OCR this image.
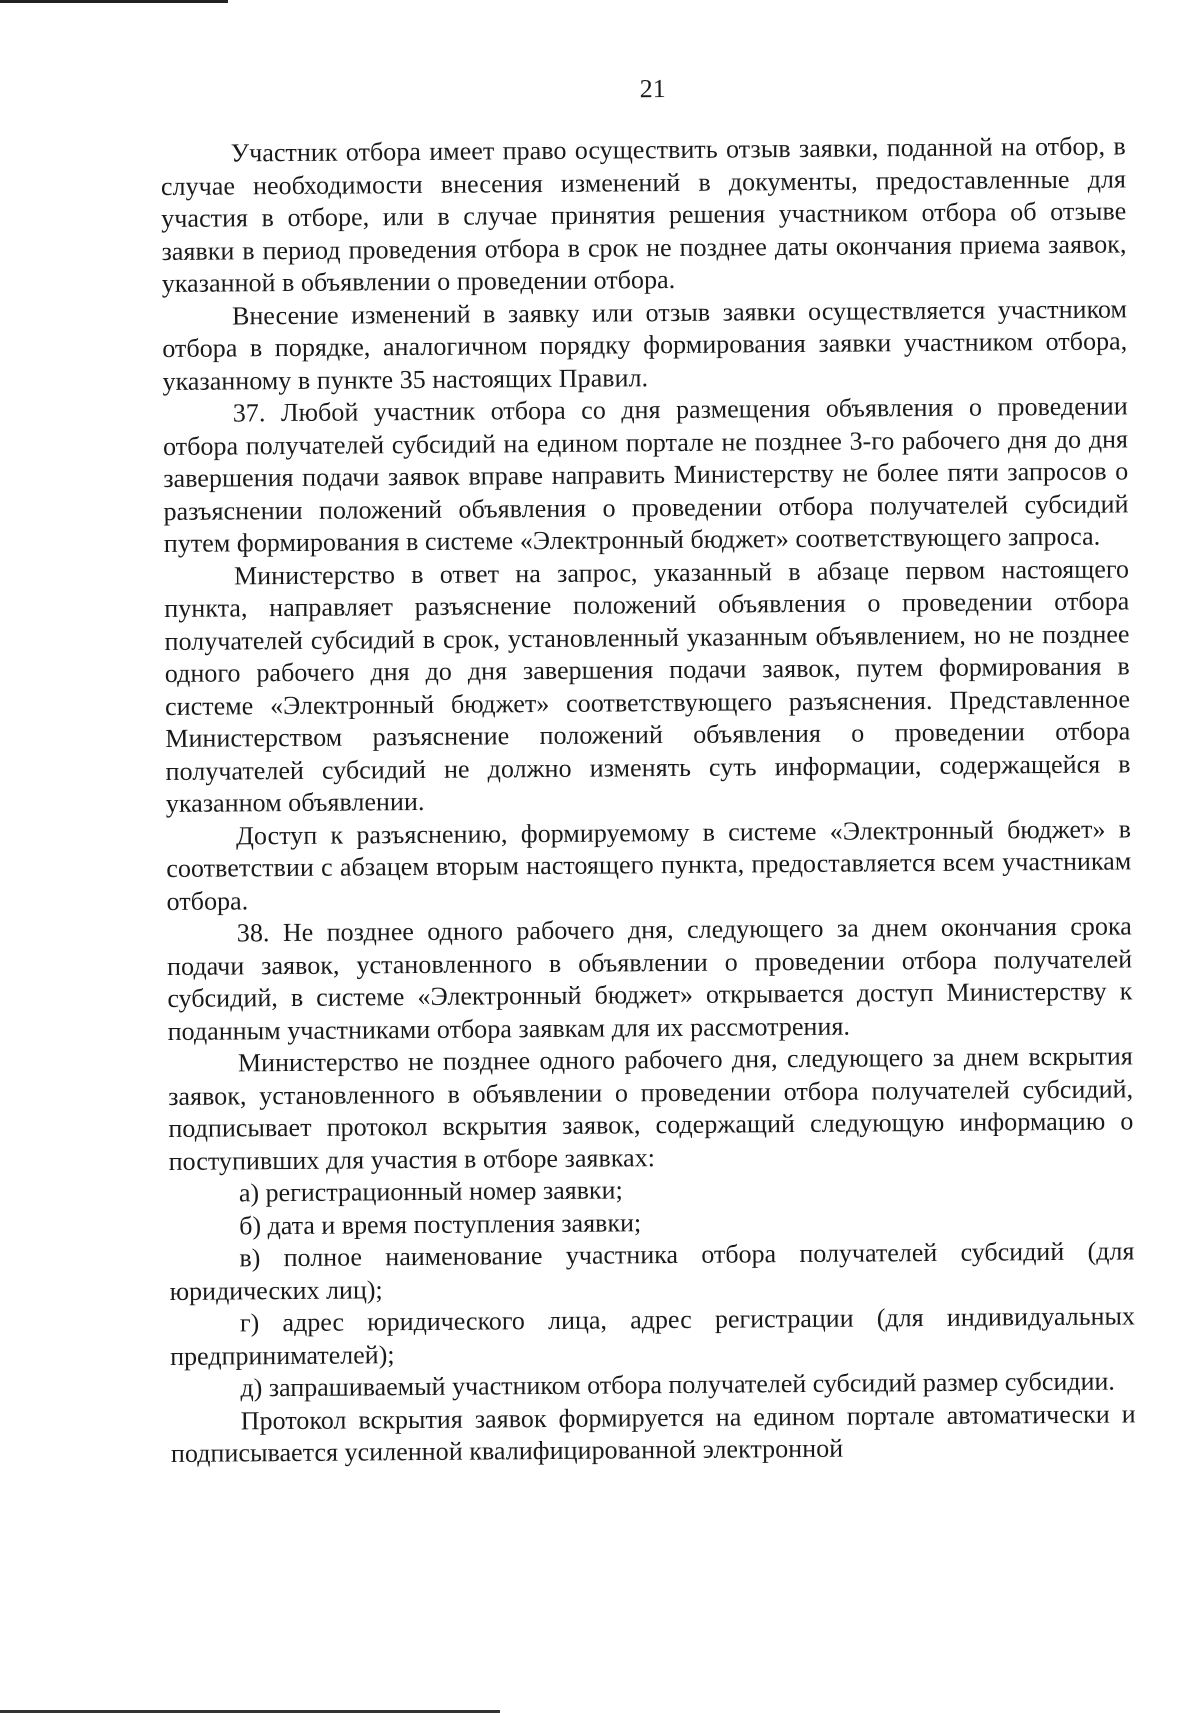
21

Участник отбора имеет право осуществить отзыв заявки, поданной на отбор, в случае необходимости внесения изменений в документы, предоставленные для участия в отборе, или в случае принятия решения участником отбора об отзыве заявки в период проведения отбора в срок не позднее даты окончания приема заявок, указанной в объявлении о проведении отбора.

Внесение изменений в заявку или отзыв заявки осуществляется участником отбора в порядке, аналогичном порядку формирования заявки участником отбора, указанному в пункте 35 настоящих Правил.

37. Любой участник отбора со дня размещения объявления о проведении отбора получателей субсидий на едином портале не позднее 3-го рабочего дня до дня завершения подачи заявок вправе направить Министерству не более пяти запросов о разъяснении положений объявления о проведении отбора получателей субсидий путем формирования в системе «Электронный бюджет» соответствующего запроса.

Министерство в ответ на запрос, указанный в абзаце первом настоящего пункта, направляет разъяснение положений объявления о проведении отбора получателей субсидий в срок, установленный указанным объявлением, но не позднее одного рабочего дня до дня завершения подачи заявок, путем формирования в системе «Электронный бюджет» соответствующего разъяснения. Представленное Министерством разъяснение положений объявления о проведении отбора получателей субсидий не должно изменять суть информации, содержащейся в указанном объявлении.

Доступ к разъяснению, формируемому в системе «Электронный бюджет» в соответствии с абзацем вторым настоящего пункта, предоставляется всем участникам отбора.

38. Не позднее одного рабочего дня, следующего за днем окончания срока подачи заявок, установленного в объявлении о проведении отбора получателей субсидий, в системе «Электронный бюджет» открывается доступ Министерству к поданным участниками отбора заявкам для их рассмотрения.

Министерство не позднее одного рабочего дня, следующего за днем вскрытия заявок, установленного в объявлении о проведении отбора получателей субсидий, подписывает протокол вскрытия заявок, содержащий следующую информацию о поступивших для участия в отборе заявках:

а) регистрационный номер заявки;

б) дата и время поступления заявки;

в) полное наименование участника отбора получателей субсидий (для юридических лиц);

г) адрес юридического лица, адрес регистрации (для индивидуальных предпринимателей);

д) запрашиваемый участником отбора получателей субсидий размер субсидии.

Протокол вскрытия заявок формируется на едином портале автоматически и подписывается усиленной квалифицированной электронной
